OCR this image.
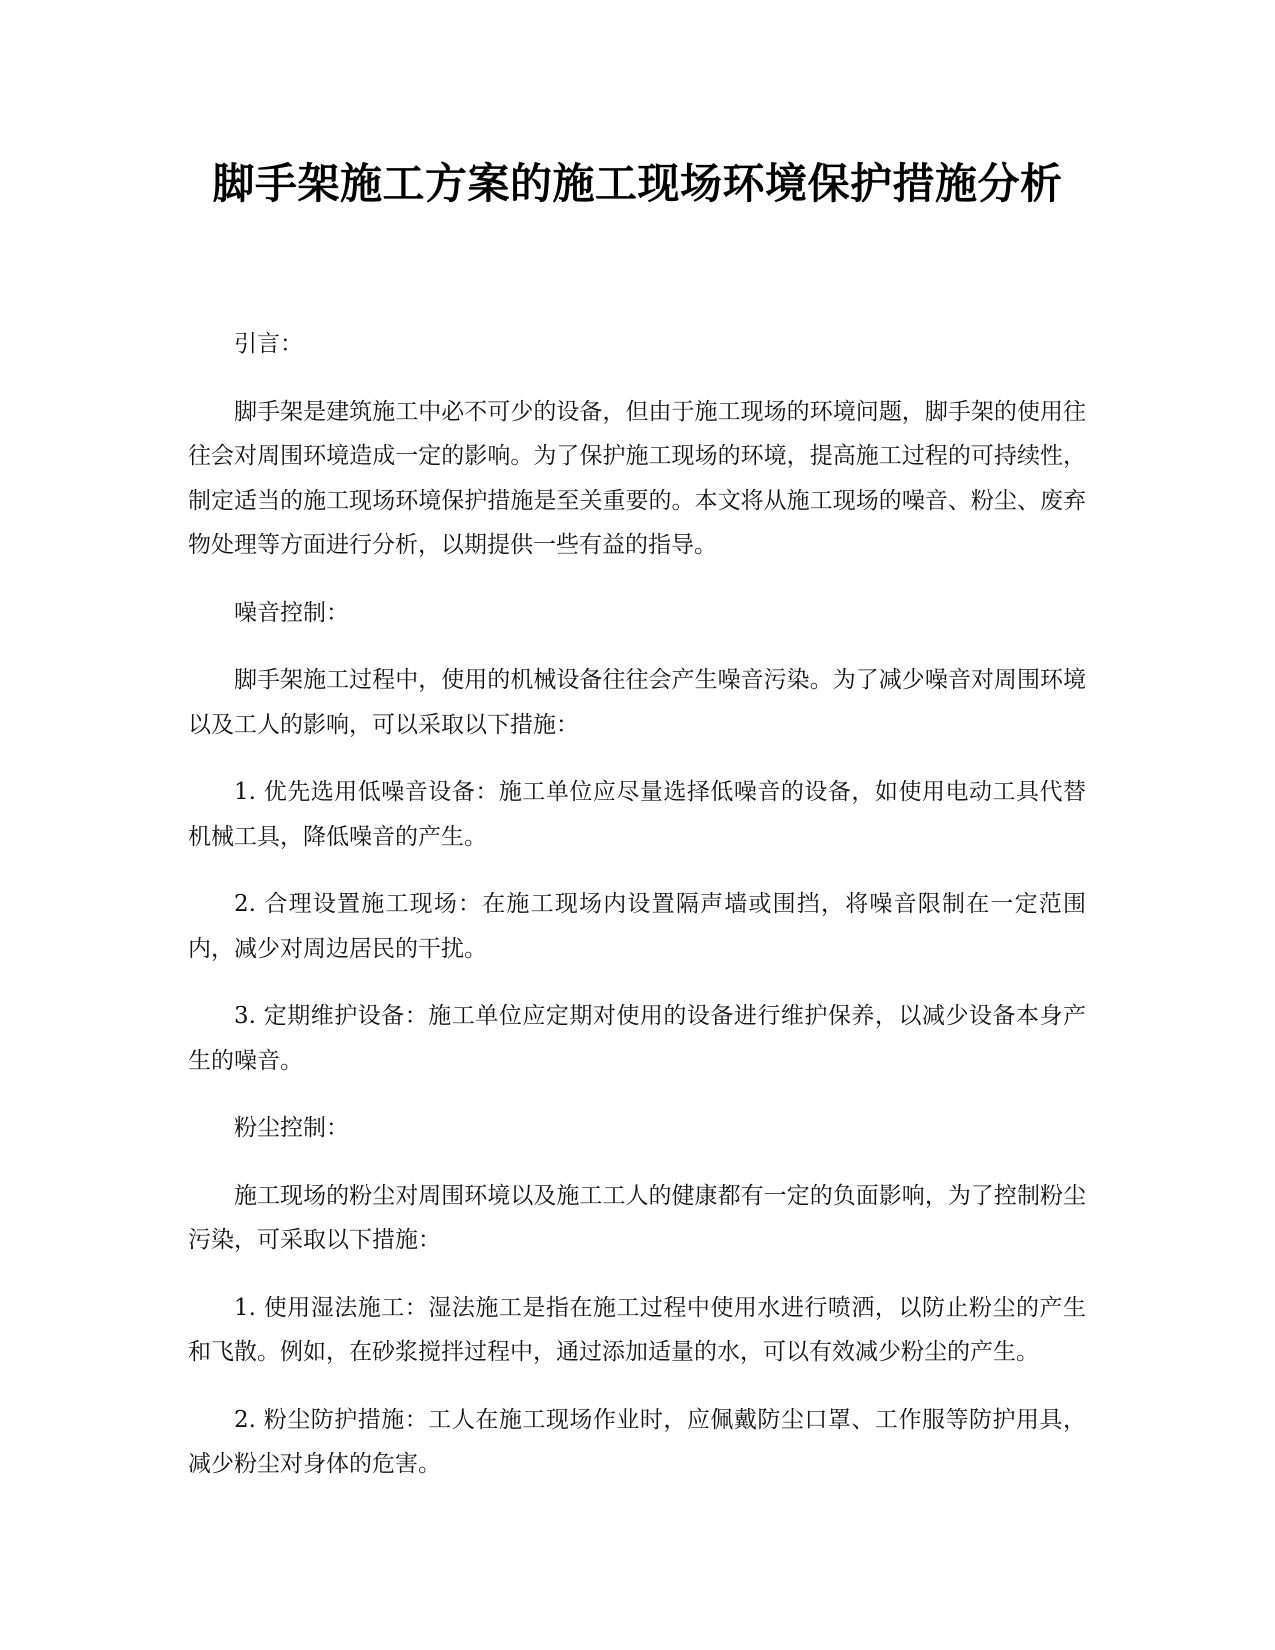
脚手架施工方案的施工现场环境保护措施分析

引言：

脚手架是建筑施工中必不可少的设备，但由于施工现场的环境问题，脚手架的使用往往会对周围环境造成一定的影响。为了保护施工现场的环境，提高施工过程的可持续性，制定适当的施工现场环境保护措施是至关重要的。本文将从施工现场的噪音、粉尘、废弃物处理等方面进行分析，以期提供一些有益的指导。

噪音控制：

脚手架施工过程中，使用的机械设备往往会产生噪音污染。为了减少噪音对周围环境以及工人的影响，可以采取以下措施：

1. 优先选用低噪音设备：施工单位应尽量选择低噪音的设备，如使用电动工具代替机械工具，降低噪音的产生。

2. 合理设置施工现场：在施工现场内设置隔声墙或围挡，将噪音限制在一定范围内，减少对周边居民的干扰。

3. 定期维护设备：施工单位应定期对使用的设备进行维护保养，以减少设备本身产生的噪音。

粉尘控制：

施工现场的粉尘对周围环境以及施工工人的健康都有一定的负面影响，为了控制粉尘污染，可采取以下措施：

1. 使用湿法施工：湿法施工是指在施工过程中使用水进行喷洒，以防止粉尘的产生和飞散。例如，在砂浆搅拌过程中，通过添加适量的水，可以有效减少粉尘的产生。

2. 粉尘防护措施：工人在施工现场作业时，应佩戴防尘口罩、工作服等防护用具，减少粉尘对身体的危害。
